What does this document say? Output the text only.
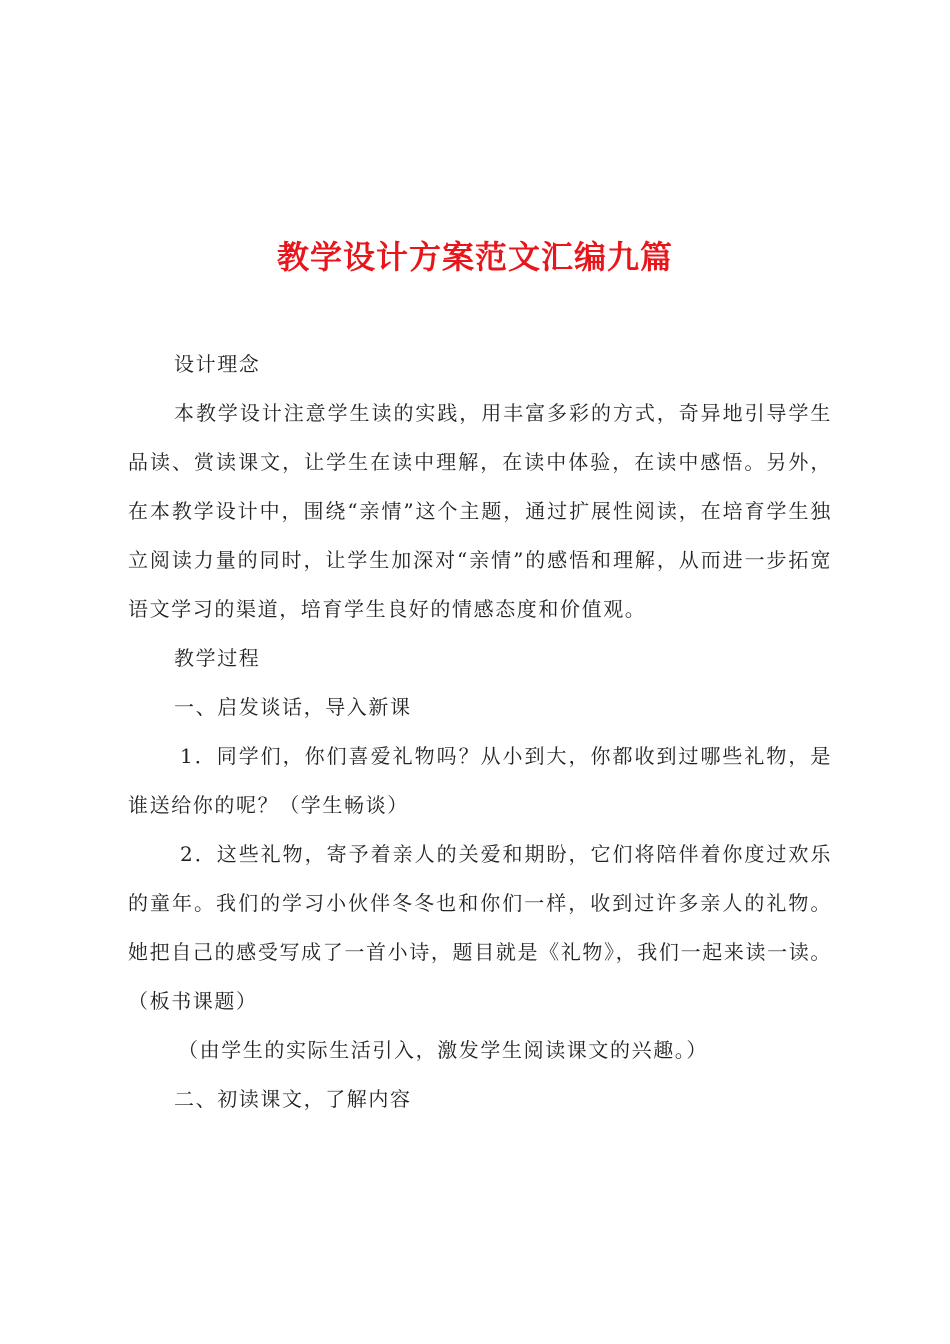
教学设计方案范文汇编九篇

设计理念

本教学设计注意学生读的实践，用丰富多彩的方式，奇异地引导学生品读、赏读课文，让学生在读中理解，在读中体验，在读中感悟。另外，在本教学设计中，围绕“亲情”这个主题，通过扩展性阅读，在培育学生独立阅读力量的同时，让学生加深对“亲情”的感悟和理解，从而进一步拓宽语文学习的渠道，培育学生良好的情感态度和价值观。

教学过程

一、启发谈话，导入新课

1．同学们，你们喜爱礼物吗？从小到大，你都收到过哪些礼物，是谁送给你的呢？（学生畅谈）

2．这些礼物，寄予着亲人的关爱和期盼，它们将陪伴着你度过欢乐的童年。我们的学习小伙伴冬冬也和你们一样，收到过许多亲人的礼物。她把自己的感受写成了一首小诗，题目就是《礼物》，我们一起来读一读。（板书课题）

（由学生的实际生活引入，激发学生阅读课文的兴趣。）

二、初读课文，了解内容
